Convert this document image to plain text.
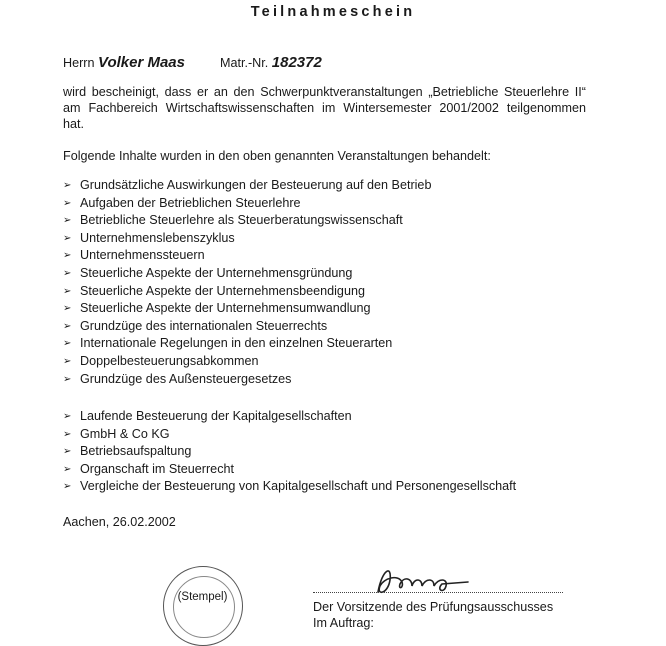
Teilnahmeschein
Herrn Volker Maas	Matr.-Nr. 182372
wird bescheinigt, dass er an den Schwerpunktveranstaltungen „Betriebliche Steuerlehre II“
am Fachbereich Wirtschaftswissenschaften im Wintersemester 2001/2002 teilgenommen
hat.
Folgende Inhalte wurden in den oben genannten Veranstaltungen behandelt:
➢ Grundsätzliche Auswirkungen der Besteuerung auf den Betrieb
➢ Aufgaben der Betrieblichen Steuerlehre
➢ Betriebliche Steuerlehre als Steuerberatungswissenschaft
➢ Unternehmenslebenszyklus
➢ Unternehmenssteuern
➢ Steuerliche Aspekte der Unternehmensgründung
➢ Steuerliche Aspekte der Unternehmensbeendigung
➢ Steuerliche Aspekte der Unternehmensumwandlung
➢ Grundzüge des internationalen Steuerrechts
➢ Internationale Regelungen in den einzelnen Steuerarten
➢ Doppelbesteuerungsabkommen
➢ Grundzüge des Außensteuergesetzes
➢ Laufende Besteuerung der Kapitalgesellschaften
➢ GmbH & Co KG
➢ Betriebsaufspaltung
➢ Organschaft im Steuerrecht
➢ Vergleiche der Besteuerung von Kapitalgesellschaft und Personengesellschaft
Aachen, 26.02.2002
(Stempel)
Der Vorsitzende des Prüfungsausschusses
Im Auftrag:
